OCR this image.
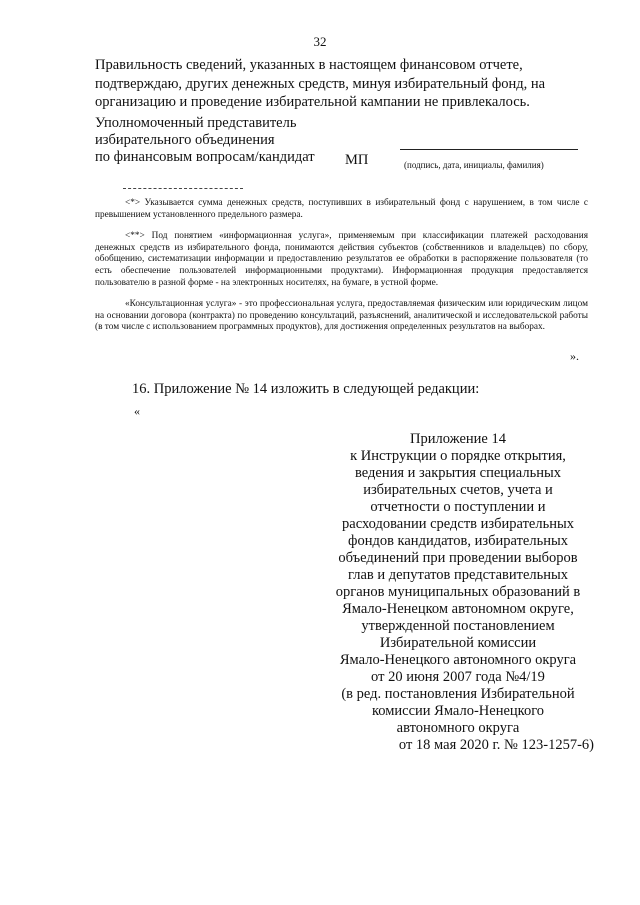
32

Правильность сведений, указанных в настоящем финансовом отчете,

подтверждаю, других денежных средств, минуя избирательный фонд, на

организацию и проведение избирательной кампании не привлекалось.

Уполномоченный представитель
избирательного объединения
по финансовым вопросам/кандидат	МП	(подпись, дата, инициалы, фамилия)

<*> Указывается сумма денежных средств, поступивших в избирательный фонд с нарушением, в том числе с превышением установленного предельного размера.

<**> Под понятием «информационная услуга», применяемым при классификации платежей расходования денежных средств из избирательного фонда, понимаются действия субъектов (собственников и владельцев) по сбору, обобщению, систематизации информации и предоставлению результатов ее обработки в распоряжение пользователя (то есть обеспечение пользователей информационными продуктами). Информационная продукция предоставляется пользователю в разной форме - на электронных носителях, на бумаге, в устной форме.

«Консультационная услуга» - это профессиональная услуга, предоставляемая физическим или юридическим лицом на основании договора (контракта) по проведению консультаций, разъяснений, аналитической и исследовательской работы (в том числе с использованием программных продуктов), для достижения определенных результатов на выборах.

».
16. Приложение № 14 изложить в следующей редакции:
«
Приложение 14
к Инструкции о порядке открытия,
ведения и закрытия специальных
избирательных счетов, учета и
отчетности о поступлении и
расходовании средств избирательных
фондов кандидатов, избирательных
объединений при проведении выборов
глав и депутатов представительных
органов муниципальных образований в
Ямало-Ненецком автономном округе,
утвержденной постановлением
Избирательной комиссии
Ямало-Ненецкого автономного округа
от 20 июня 2007 года №4/19
(в ред. постановления Избирательной
комиссии Ямало-Ненецкого
автономного округа
от 18 мая 2020 г. № 123-1257-6)
